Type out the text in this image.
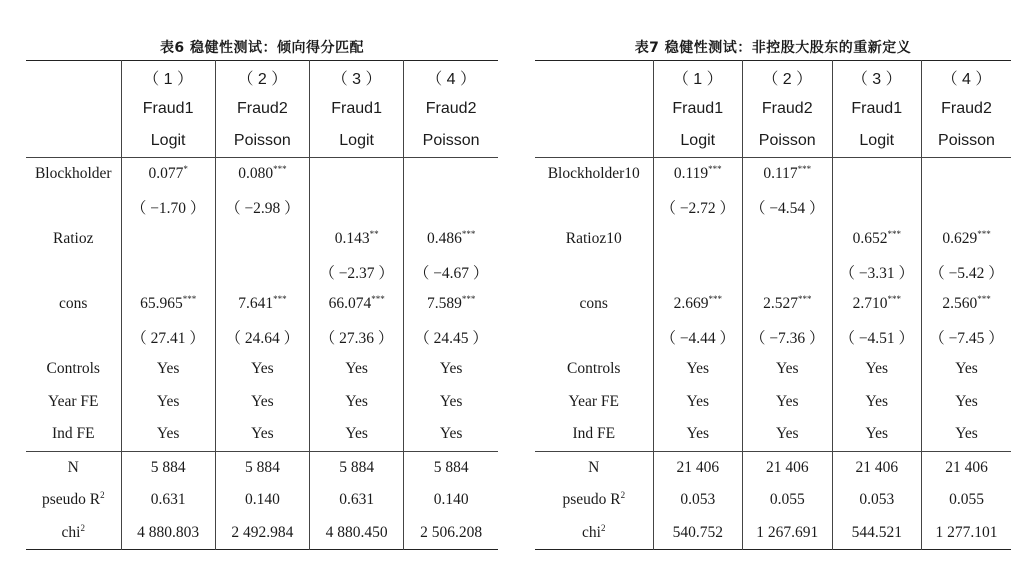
表6 稳健性测试：倾向得分匹配
	（ 1 ）	（ 2 ）	（ 3 ）	（ 4 ）
	Fraud1	Fraud2	Fraud1	Fraud2
	Logit	Poisson	Logit	Poisson
Blockholder	0.077*	0.080***		
	（ −1.70 ）	（ −2.98 ）		
Ratioz			0.143**	0.486***
			（ −2.37 ）	（ −4.67 ）
cons	65.965***	7.641***	66.074***	7.589***
	（ 27.41 ）	（ 24.64 ）	（ 27.36 ）	（ 24.45 ）
Controls	Yes	Yes	Yes	Yes
Year FE	Yes	Yes	Yes	Yes
Ind FE	Yes	Yes	Yes	Yes
N	5 884	5 884	5 884	5 884
pseudo $R^2$	0.631	0.140	0.631	0.140
chi$^2$	4 880.803	2 492.984	4 880.450	2 506.208
表7 稳健性测试：非控股大股东的重新定义
	（ 1 ）	（ 2 ）	（ 3 ）	（ 4 ）
	Fraud1	Fraud2	Fraud1	Fraud2
	Logit	Poisson	Logit	Poisson
Blockholder10	0.119***	0.117***		
	（ −2.72 ）	（ −4.54 ）		
Ratioz10			0.652***	0.629***
			（ −3.31 ）	（ −5.42 ）
cons	2.669***	2.527***	2.710***	2.560***
	（ −4.44 ）	（ −7.36 ）	（ −4.51 ）	（ −7.45 ）
Controls	Yes	Yes	Yes	Yes
Year FE	Yes	Yes	Yes	Yes
Ind FE	Yes	Yes	Yes	Yes
N	21 406	21 406	21 406	21 406
pseudo $R^2$	0.053	0.055	0.053	0.055
chi$^2$	540.752	1 267.691	544.521	1 277.101
